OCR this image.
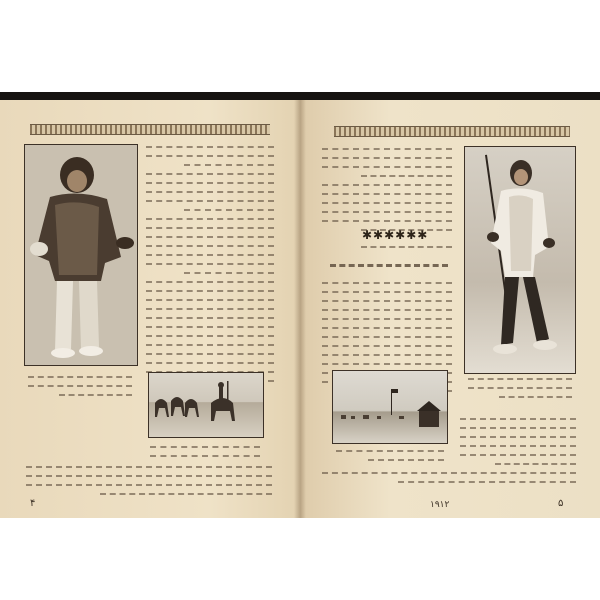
۴
✱✱✱✱✱✱
۱۹۱۲	۵
